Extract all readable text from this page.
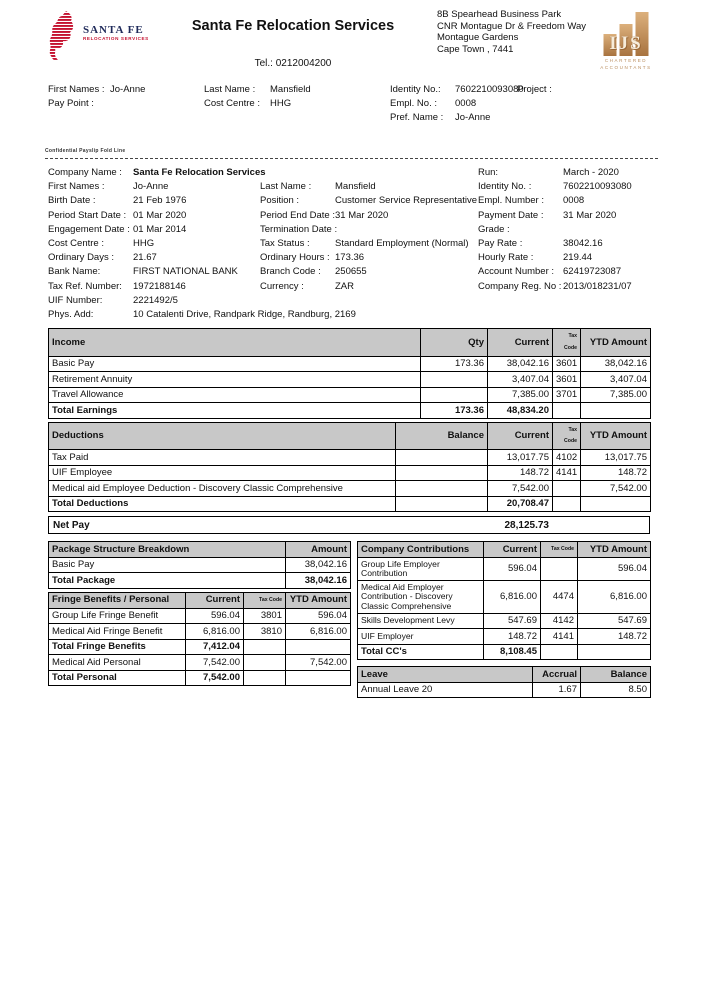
SANTA FE
RELOCATION SERVICES
Santa Fe Relocation Services
Tel.: 0212004200
8B Spearhead Business Park
CNR Montague Dr & Freedom Way
Montague Gardens
Cape Town , 7441	IJS
CHARTERED
ACCOUNTANTS
First Names : Jo-Anne	Last Name :	Mansfield	Identity No.:	7602210093080
Project :
Pay Point :	Cost Centre :	HHG	Empl. No. :	0008
Pref. Name :	Jo-Anne
Confidential Payslip Fold Line
Company Name :	Santa Fe Relocation Services	Run:	March - 2020
First Names :	Jo-Anne	Last Name :	Mansfield	Identity No. :	7602210093080
Birth Date :	21 Feb 1976	Position :	Customer Service Representative Empl. Number :	0008
Period Start Date : 01 Mar 2020	Period End Date : 31 Mar 2020	Payment Date :	31 Mar 2020
Engagement Date : 01 Mar 2014	Termination Date :	Grade :
Cost Centre :	HHG	Tax Status :	Standard Employment (Normal) Pay Rate :	38042.16
Ordinary Days :	21.67	Ordinary Hours : 173.36	Hourly Rate :	219.44
Bank Name:	FIRST NATIONAL BANK	Branch Code :	250655	Account Number : 62419723087
Tax Ref. Number:	1972188146	Currency :	ZAR	Company Reg. No : 2013/018231/07
UIF Number:	2221492/5
Phys. Add:	10 Catalenti Drive, Randpark Ridge, Randburg, 2169
Income	Qty	Current	Tax Code	YTD Amount
Basic Pay	173.36	38,042.16	3601	38,042.16
Retirement Annuity		3,407.04	3601	3,407.04
Travel Allowance		7,385.00	3701	7,385.00
Total Earnings	173.36	48,834.20		
Deductions	Balance	Current	Tax Code	YTD Amount
Tax Paid		13,017.75	4102	13,017.75
UIF Employee		148.72	4141	148.72
Medical aid Employee Deduction - Discovery Classic Comprehensive		7,542.00		7,542.00
Total Deductions		20,708.47		
Net Pay	28,125.73
Package Structure Breakdown	Amount
Basic Pay	38,042.16
Total Package	38,042.16
Fringe Benefits / Personal	Current	Tax Code	YTD Amount
Group Life Fringe Benefit	596.04	3801	596.04
Medical Aid Fringe Benefit	6,816.00	3810	6,816.00
Total Fringe Benefits	7,412.04		
Medical Aid Personal	7,542.00		7,542.00
Total Personal	7,542.00		
Company Contributions	Current	Tax Code	YTD Amount
Group Life Employer Contribution	596.04		596.04
Medical Aid Employer Contribution - Discovery Classic Comprehensive	6,816.00	4474	6,816.00
Skills Development Levy	547.69	4142	547.69
UIF Employer	148.72	4141	148.72
Total CC's	8,108.45		
Leave	Accrual	Balance
Annual Leave 20	1.67	8.50
